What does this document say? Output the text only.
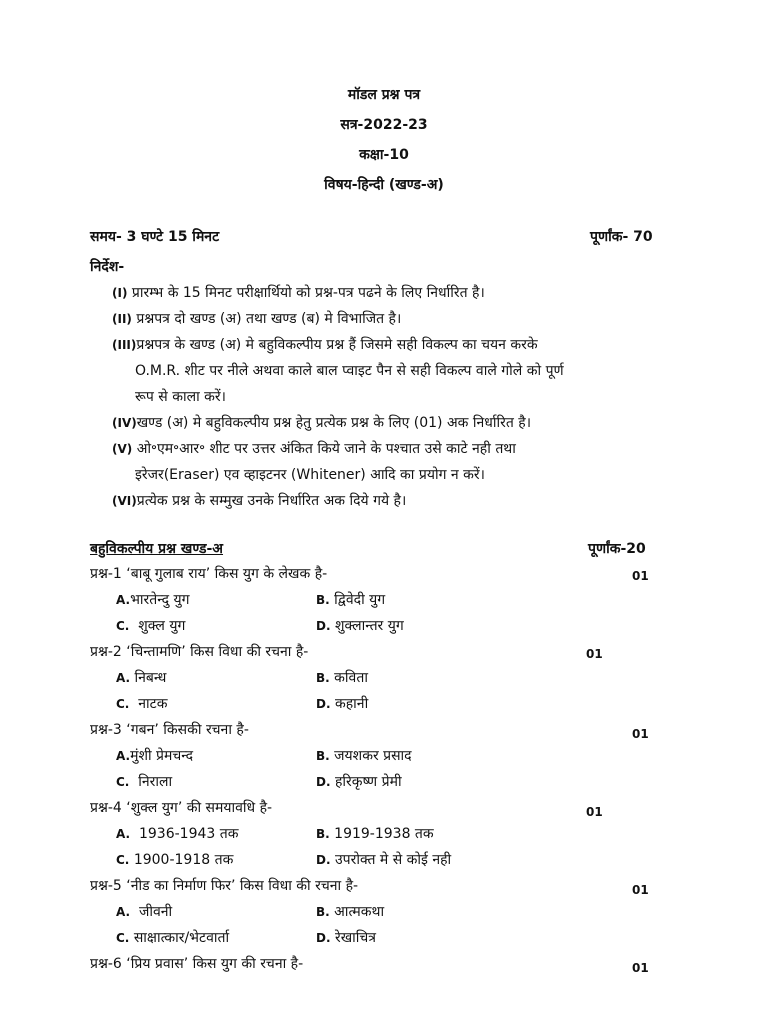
मॉडल प्रश्न पत्र
सत्र-2022-23
कक्षा-10
विषय-हिन्दी (खण्ड-अ)
समय- 3 घण्टे 15 मिनट	पूर्णांक- 70
निर्देश-
(I) प्रारम्भ के 15 मिनट परीक्षार्थियो को प्रश्न-पत्र पढने के लिए निर्धारित है।
(II) प्रश्नपत्र दो खण्ड (अ) तथा खण्ड (ब) मे विभाजित है।
(III)प्रश्नपत्र के खण्ड (अ) मे बहुविकल्पीय प्रश्न हैं जिसमे सही विकल्प का चयन करके
O.M.R. शीट पर नीले अथवा काले बाल प्वाइट पैन से सही विकल्प वाले गोले को पूर्ण
रूप से काला करें।
(IV)खण्ड (अ) मे बहुविकल्पीय प्रश्न हेतु प्रत्येक प्रश्न के लिए (01) अक निर्धारित है।
(V) ओ॰एम॰आर॰ शीट पर उत्तर अंकित किये जाने के पश्चात उसे काटे नही तथा
इरेजर(Eraser) एव व्हाइटनर (Whitener) आदि का प्रयोग न करें।
(VI)प्रत्येक प्रश्न के सम्मुख उनके निर्धारित अक दिये गये है।
बहुविकल्पीय प्रश्न खण्ड-अ	पूर्णांक-20
प्रश्न-1 ‘बाबू गुलाब राय’ किस युग के लेखक है-	01
A.भारतेन्दु युग	B. द्विवेदी युग
C. शुक्ल युग	D. शुक्लान्तर युग
प्रश्न-2 ‘चिन्तामणि’ किस विधा की रचना है-	01
A. निबन्ध	B. कविता
C. नाटक	D. कहानी
प्रश्न-3 ‘गबन’ किसकी रचना है-	01
A.मुंशी प्रेमचन्द	B. जयशकर प्रसाद
C. निराला	D. हरिकृष्ण प्रेमी
प्रश्न-4 ‘शुक्ल युग’ की समयावधि है-	01
A. 1936-1943 तक	B. 1919-1938 तक
C. 1900-1918 तक	D. उपरोक्त मे से कोई नही
प्रश्न-5 ‘नीड का निर्माण फिर’ किस विधा की रचना है-	01
A. जीवनी	B. आत्मकथा
C. साक्षात्कार/भेटवार्ता	D. रेखाचित्र
प्रश्न-6 ‘प्रिय प्रवास’ किस युग की रचना है-	01
